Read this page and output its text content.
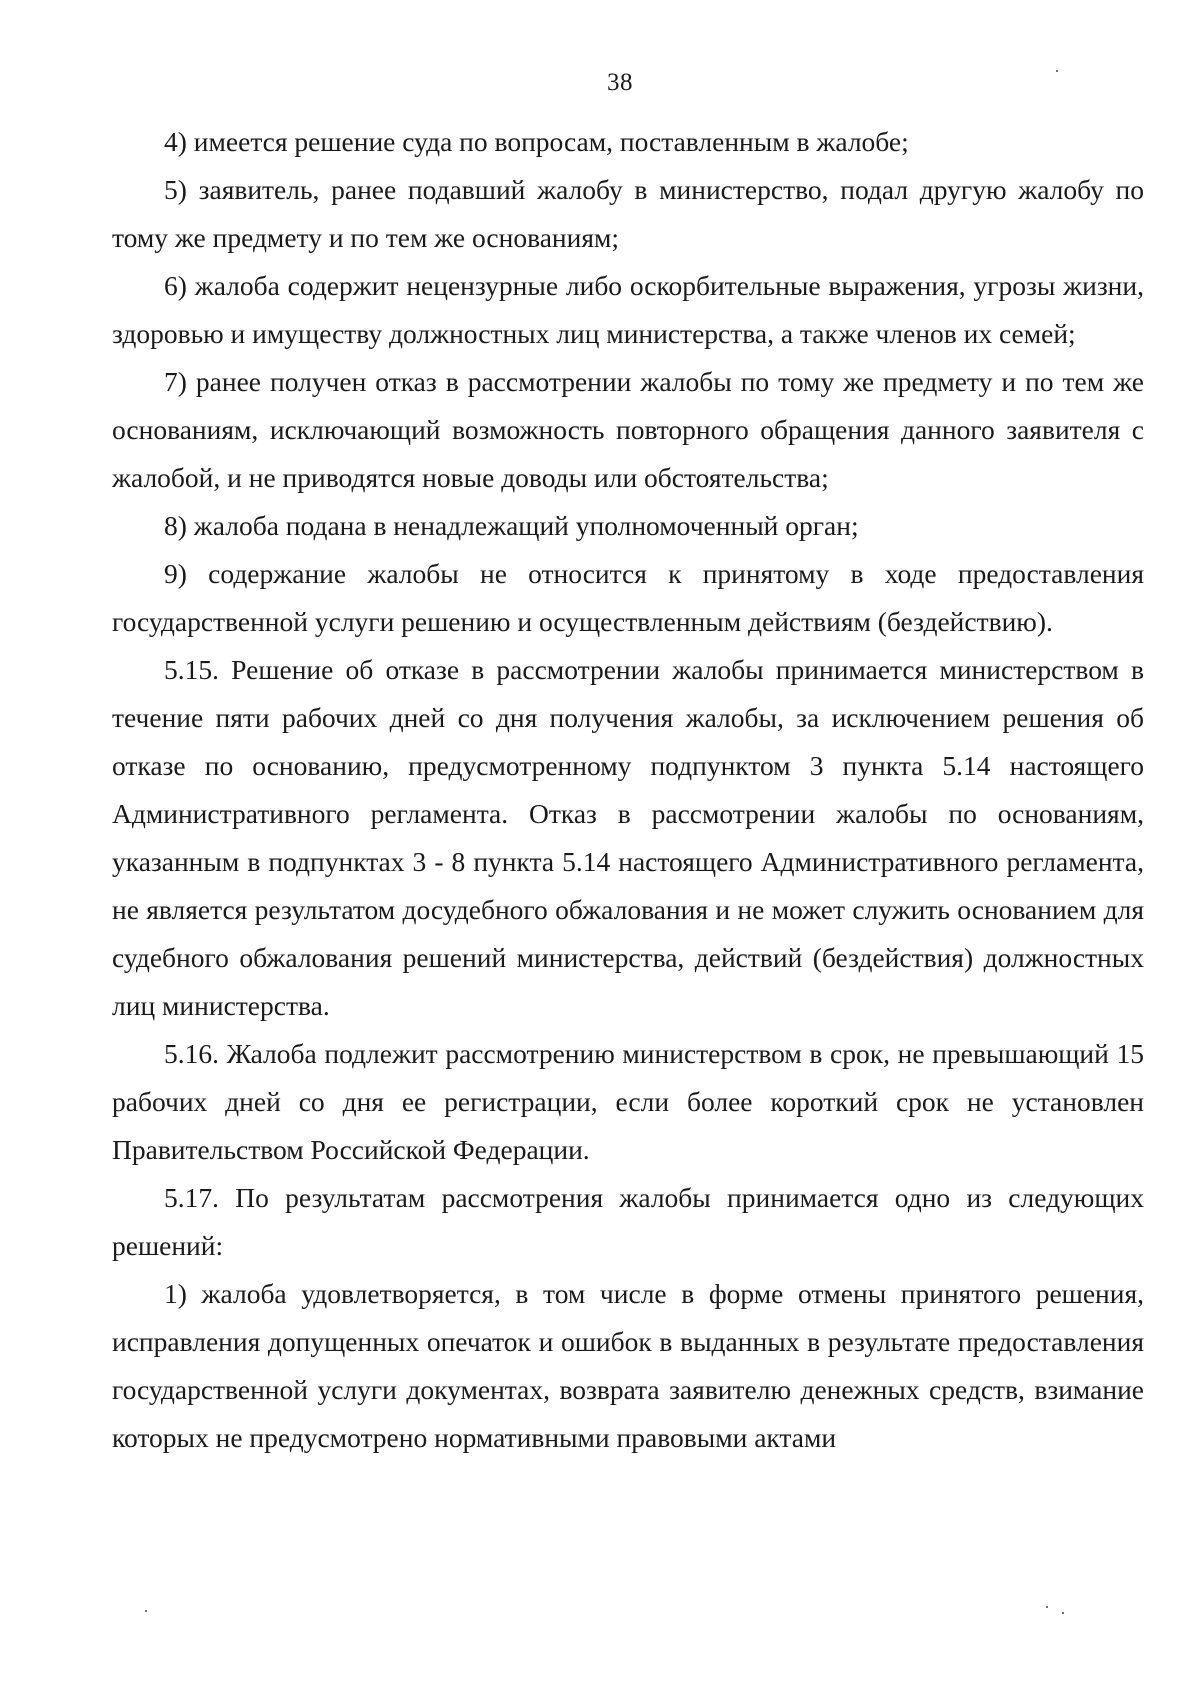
38

4) имеется решение суда по вопросам, поставленным в жалобе;

5) заявитель, ранее подавший жалобу в министерство, подал другую жалобу по тому же предмету и по тем же основаниям;

6) жалоба содержит нецензурные либо оскорбительные выражения, угрозы жизни, здоровью и имуществу должностных лиц министерства, а также членов их семей;

7) ранее получен отказ в рассмотрении жалобы по тому же предмету и по тем же основаниям, исключающий возможность повторного обращения данного заявителя с жалобой, и не приводятся новые доводы или обстоятельства;

8) жалоба подана в ненадлежащий уполномоченный орган;

9) содержание жалобы не относится к принятому в ходе предоставления государственной услуги решению и осуществленным действиям (бездействию).

5.15. Решение об отказе в рассмотрении жалобы принимается министерством в течение пяти рабочих дней со дня получения жалобы, за исключением решения об отказе по основанию, предусмотренному подпунктом 3 пункта 5.14 настоящего Административного регламента. Отказ в рассмотрении жалобы по основаниям, указанным в подпунктах 3 - 8 пункта 5.14 настоящего Административного регламента, не является результатом досудебного обжалования и не может служить основанием для судебного обжалования решений министерства, действий (бездействия) должностных лиц министерства.

5.16. Жалоба подлежит рассмотрению министерством в срок, не превышающий 15 рабочих дней со дня ее регистрации, если более короткий срок не установлен Правительством Российской Федерации.

5.17. По результатам рассмотрения жалобы принимается одно из следующих решений:

1) жалоба удовлетворяется, в том числе в форме отмены принятого решения, исправления допущенных опечаток и ошибок в выданных в результате предоставления государственной услуги документах, возврата заявителю денежных средств, взимание которых не предусмотрено нормативными правовыми актами
